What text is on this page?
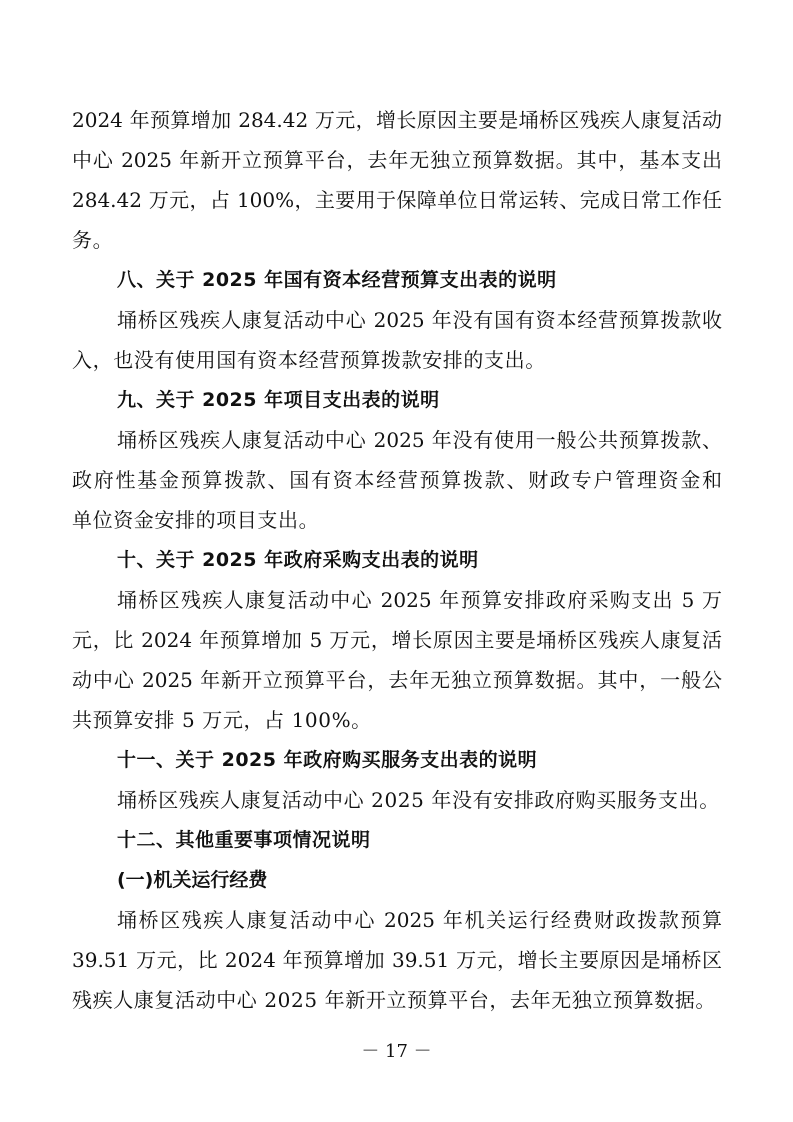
2024 年预算增加 284.42 万元，增长原因主要是埇桥区残疾人康复活动
中心 2025 年新开立预算平台，去年无独立预算数据。其中，基本支出
284.42 万元，占 100%，主要用于保障单位日常运转、完成日常工作任
务。
八、关于 2025 年国有资本经营预算支出表的说明
埇桥区残疾人康复活动中心 2025 年没有国有资本经营预算拨款收
入，也没有使用国有资本经营预算拨款安排的支出。
九、关于 2025 年项目支出表的说明
埇桥区残疾人康复活动中心 2025 年没有使用一般公共预算拨款、
政府性基金预算拨款、国有资本经营预算拨款、财政专户管理资金和
单位资金安排的项目支出。
十、关于 2025 年政府采购支出表的说明
埇桥区残疾人康复活动中心 2025 年预算安排政府采购支出 5 万
元，比 2024 年预算增加 5 万元，增长原因主要是埇桥区残疾人康复活
动中心 2025 年新开立预算平台，去年无独立预算数据。其中，一般公
共预算安排 5 万元，占 100%。
十一、关于 2025 年政府购买服务支出表的说明
埇桥区残疾人康复活动中心 2025 年没有安排政府购买服务支出。
十二、其他重要事项情况说明
(一)机关运行经费
埇桥区残疾人康复活动中心 2025 年机关运行经费财政拨款预算
39.51 万元，比 2024 年预算增加 39.51 万元，增长主要原因是埇桥区
残疾人康复活动中心 2025 年新开立预算平台，去年无独立预算数据。
－ 17 －
